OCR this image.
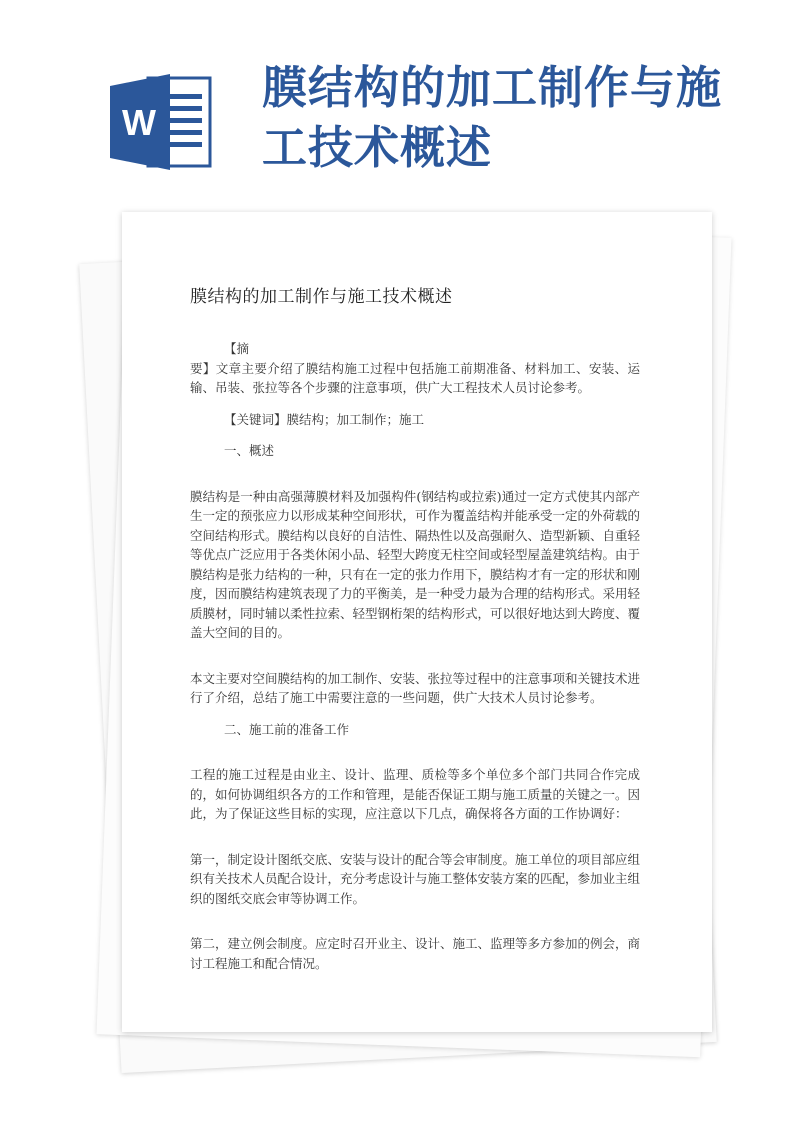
W
膜结构的加工制作与施工技术概述
膜结构的加工制作与施工技术概述

【摘

要】文章主要介绍了膜结构施工过程中包括施工前期准备、材料加工、安装、运输、吊装、张拉等各个步骤的注意事项，供广大工程技术人员讨论参考。

【关键词】膜结构；加工制作；施工

一、概述

膜结构是一种由高强薄膜材料及加强构件(钢结构或拉索)通过一定方式使其内部产生一定的预张应力以形成某种空间形状，可作为覆盖结构并能承受一定的外荷载的空间结构形式。膜结构以良好的自洁性、隔热性以及高强耐久、造型新颖、自重轻等优点广泛应用于各类休闲小品、轻型大跨度无柱空间或轻型屋盖建筑结构。由于膜结构是张力结构的一种，只有在一定的张力作用下，膜结构才有一定的形状和刚度，因而膜结构建筑表现了力的平衡美，是一种受力最为合理的结构形式。采用轻质膜材，同时辅以柔性拉索、轻型钢桁架的结构形式，可以很好地达到大跨度、覆盖大空间的目的。

本文主要对空间膜结构的加工制作、安装、张拉等过程中的注意事项和关键技术进行了介绍，总结了施工中需要注意的一些问题，供广大技术人员讨论参考。

二、施工前的准备工作

工程的施工过程是由业主、设计、监理、质检等多个单位多个部门共同合作完成的，如何协调组织各方的工作和管理，是能否保证工期与施工质量的关键之一。因此，为了保证这些目标的实现，应注意以下几点，确保将各方面的工作协调好：

第一，制定设计图纸交底、安装与设计的配合等会审制度。施工单位的项目部应组织有关技术人员配合设计，充分考虑设计与施工整体安装方案的匹配，参加业主组织的图纸交底会审等协调工作。

第二，建立例会制度。应定时召开业主、设计、施工、监理等多方参加的例会，商讨工程施工和配合情况。
